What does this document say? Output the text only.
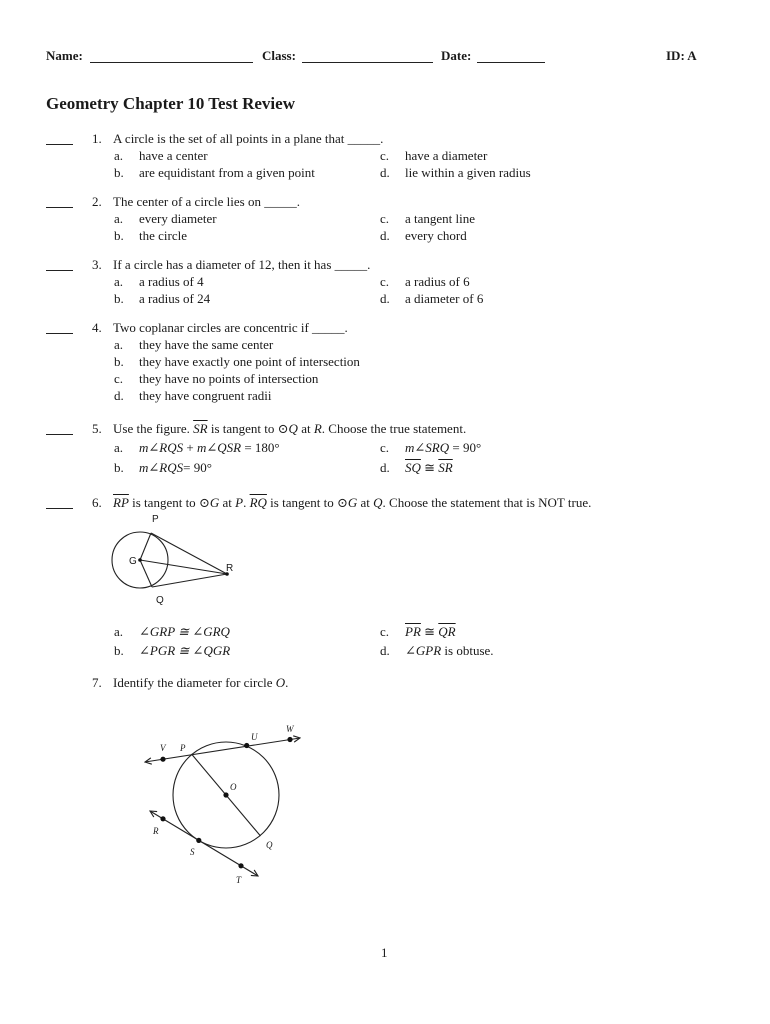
Name:	Class:	Date:	ID: A
Geometry Chapter 10 Test Review
1. A circle is the set of all points in a plane that _____.
a. have a center
b. are equidistant from a given point
c. have a diameter
d. lie within a given radius
2. The center of a circle lies on _____.
a. every diameter
b. the circle
c. a tangent line
d. every chord
3. If a circle has a diameter of 12, then it has _____.
a. a radius of 4
b. a radius of 24
c. a radius of 6
d. a diameter of 6
4. Two coplanar circles are concentric if _____.
a. they have the same center
b. they have exactly one point of intersection
c. they have no points of intersection
d. they have congruent radii
5. Use the figure. $\overline{SR}$ is tangent to ⊙Q at R. Choose the true statement.
a. m∠RQS + m∠QSR = 180°
b. m∠RQS= 90°
c. m∠SRQ = 90°
d. $\overline{SQ}$ ≅ $\overline{SR}$
6. $\overline{RP}$ is tangent to ⊙G at P. $\overline{RQ}$ is tangent to ⊙G at Q. Choose the statement that is NOT true.
P
G
R
Q
a. ∠GRP ≅ ∠GRQ
b. ∠PGR ≅ ∠QGR
c. $\overline{PR}$ ≅ $\overline{QR}$
d. ∠GPR is obtuse.
7. Identify the diameter for circle O.
V P
U
W
O
R
S
Q
T
1
